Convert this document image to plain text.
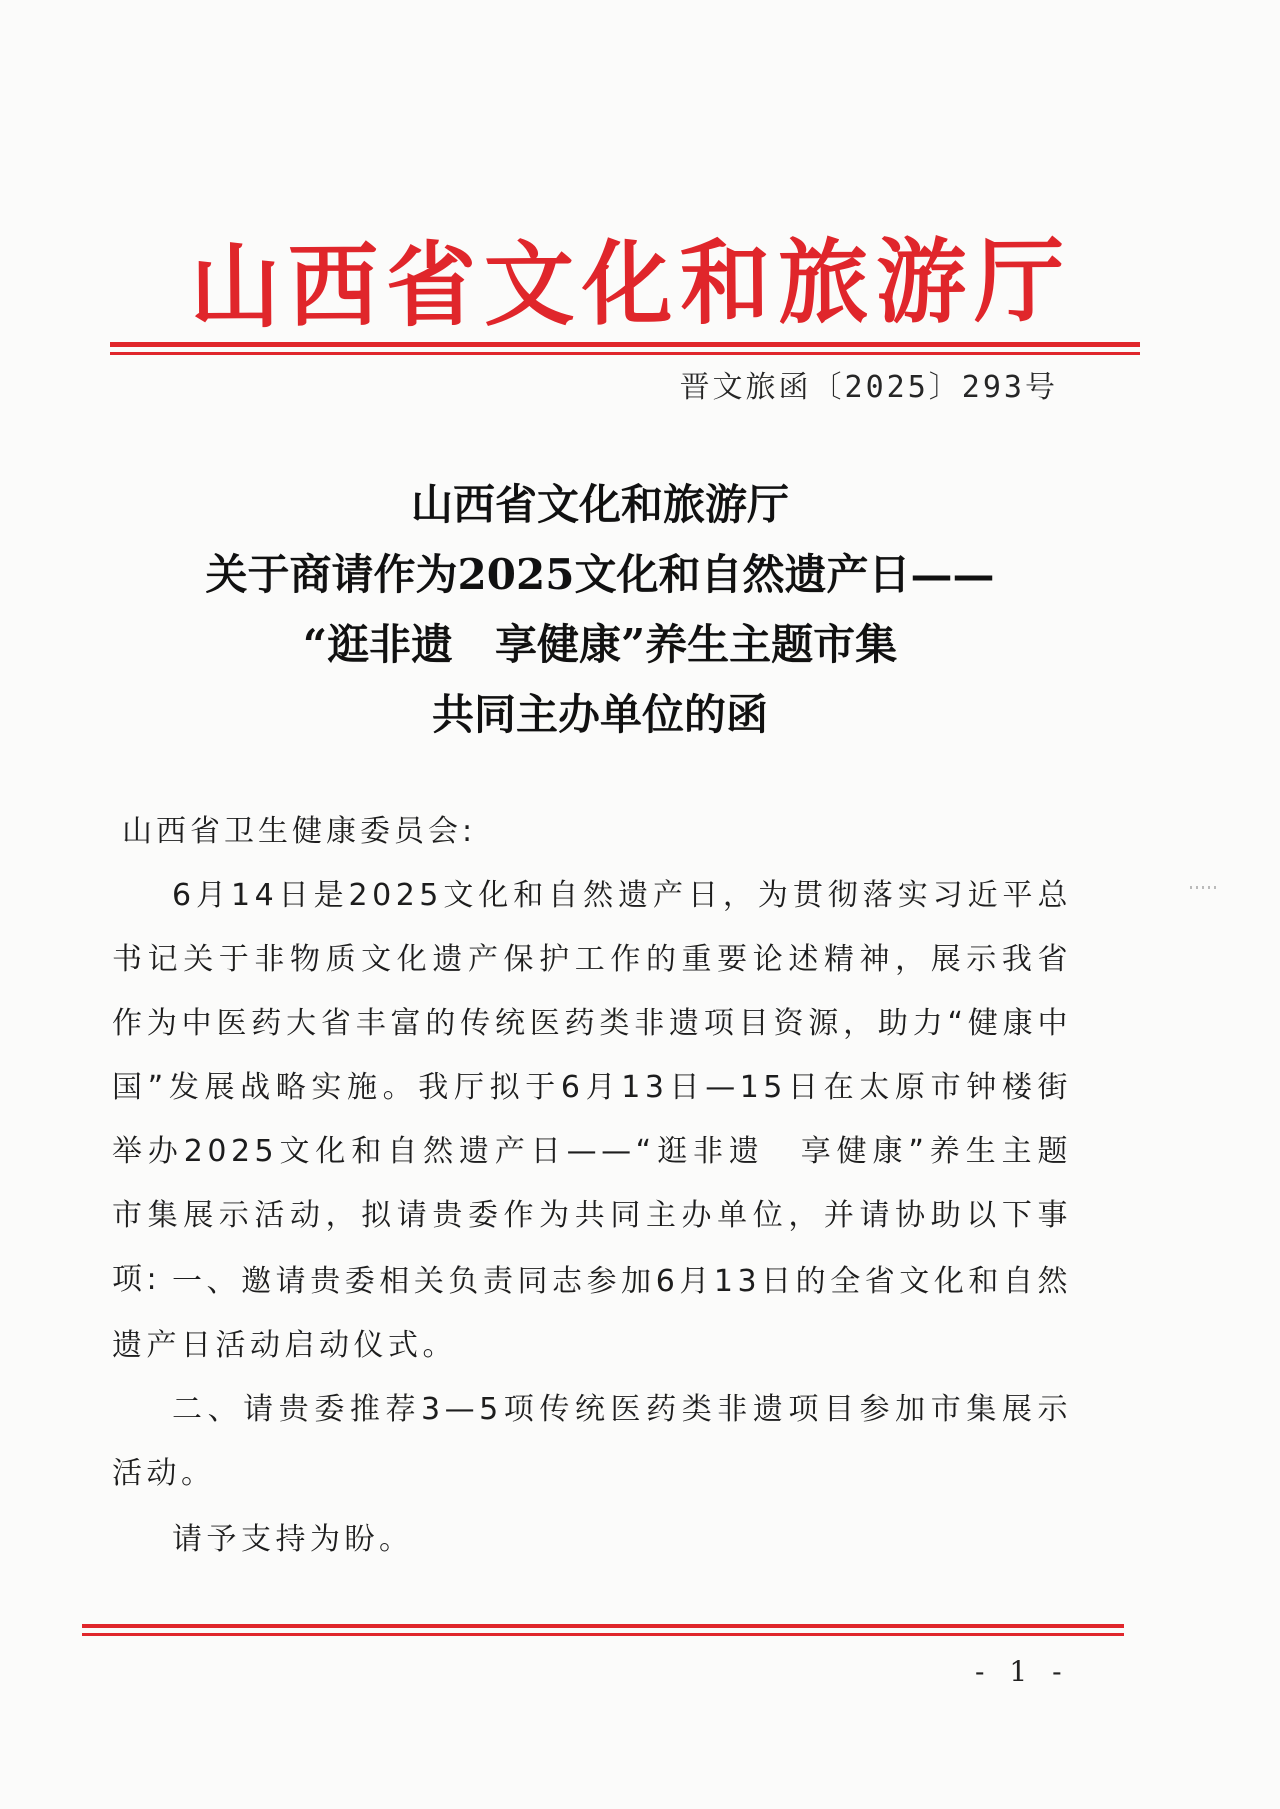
山西省文化和旅游厅
晋文旅函〔2025〕293号
山西省文化和旅游厅
关于商请作为2025文化和自然遗产日——
“逛非遗　享健康”养生主题市集
共同主办单位的函
山西省卫生健康委员会:
6月14日是2025文化和自然遗产日，为贯彻落实习近平总书记关于非物质文化遗产保护工作的重要论述精神，展示我省作为中医药大省丰富的传统医药类非遗项目资源，助力“健康中国”发展战略实施。我厅拟于6月13日—15日在太原市钟楼街举办2025文化和自然遗产日——“逛非遗　享健康”养生主题市集展示活动，拟请贵委作为共同主办单位，并请协助以下事项: 一、邀请贵委相关负责同志参加6月13日的全省文化和自然遗产日活动启动仪式。
二、请贵委推荐3—5项传统医药类非遗项目参加市集展示活动。
请予支持为盼。
- 1 -
